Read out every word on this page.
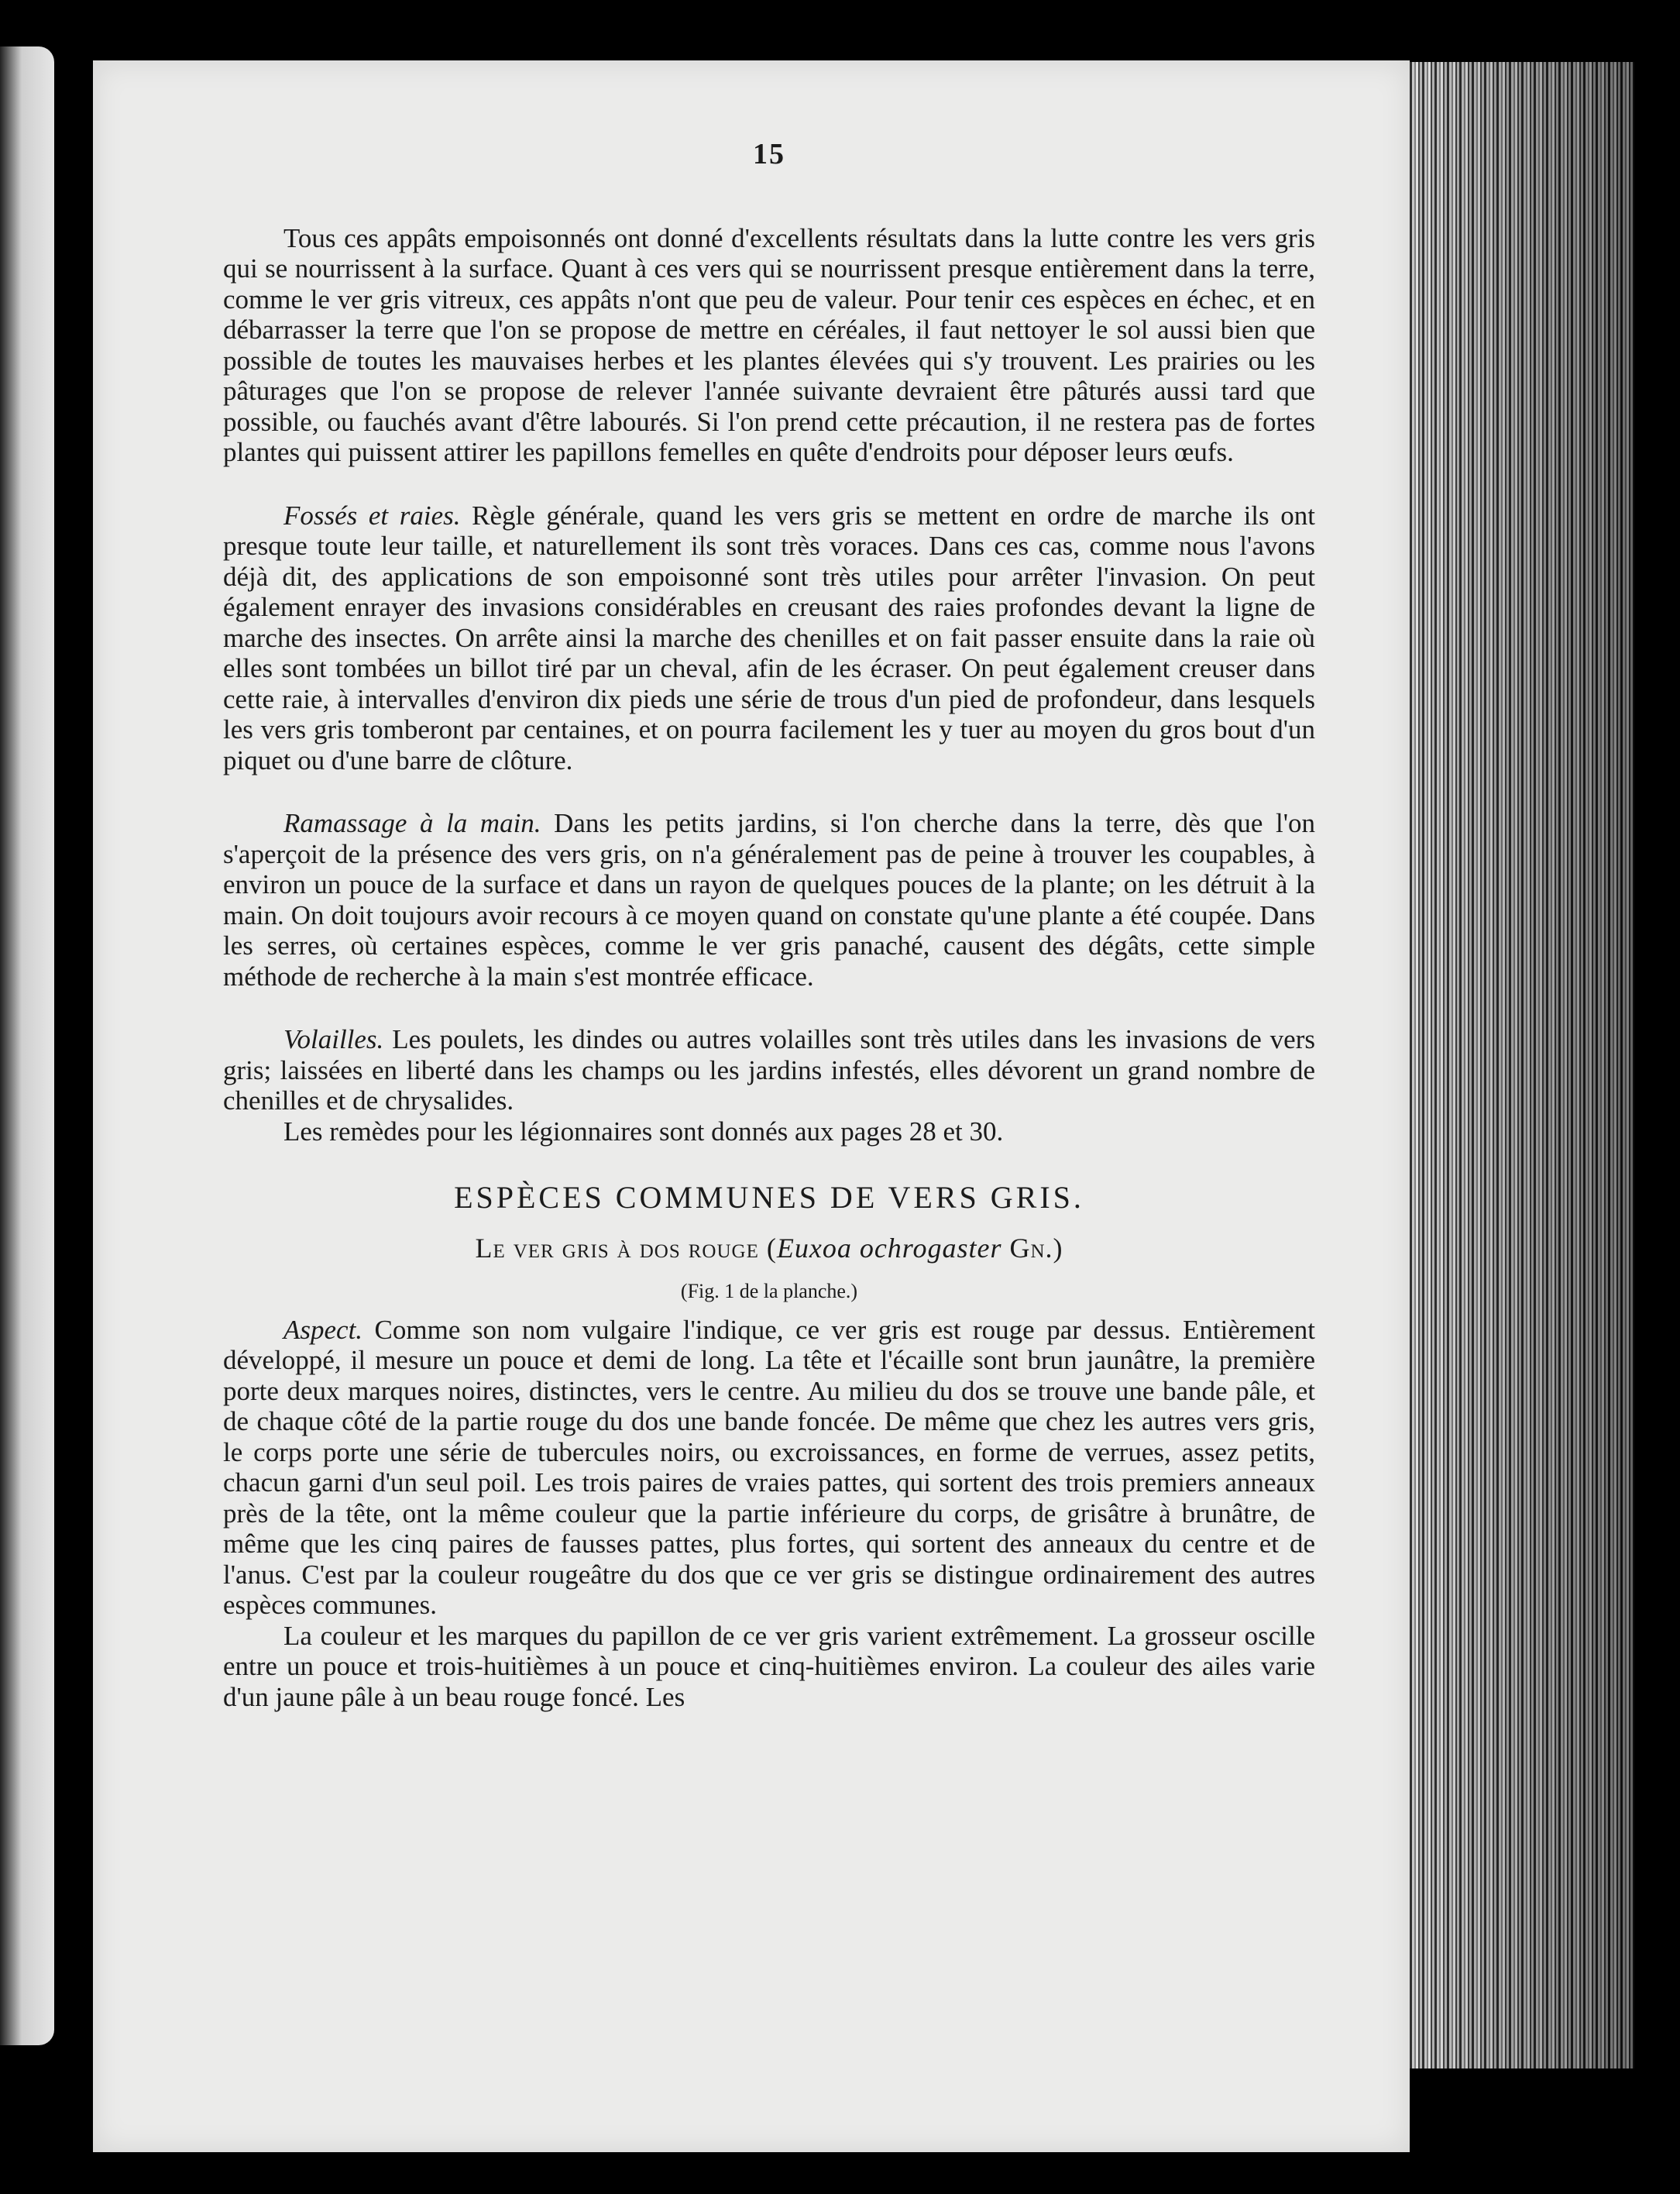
15

Tous ces appâts empoisonnés ont donné d'excellents résultats dans la lutte contre les vers gris qui se nourrissent à la surface. Quant à ces vers qui se nourrissent presque entièrement dans la terre, comme le ver gris vitreux, ces appâts n'ont que peu de valeur. Pour tenir ces espèces en échec, et en débarrasser la terre que l'on se propose de mettre en céréales, il faut nettoyer le sol aussi bien que possible de toutes les mauvaises herbes et les plantes élevées qui s'y trouvent. Les prairies ou les pâturages que l'on se propose de relever l'année suivante devraient être pâturés aussi tard que possible, ou fauchés avant d'être labourés. Si l'on prend cette précaution, il ne restera pas de fortes plantes qui puissent attirer les papillons femelles en quête d'endroits pour déposer leurs œufs.

Fossés et raies. Règle générale, quand les vers gris se mettent en ordre de marche ils ont presque toute leur taille, et naturellement ils sont très voraces. Dans ces cas, comme nous l'avons déjà dit, des applications de son empoisonné sont très utiles pour arrêter l'invasion. On peut également enrayer des invasions considérables en creusant des raies profondes devant la ligne de marche des insectes. On arrête ainsi la marche des chenilles et on fait passer ensuite dans la raie où elles sont tombées un billot tiré par un cheval, afin de les écraser. On peut également creuser dans cette raie, à intervalles d'environ dix pieds une série de trous d'un pied de profondeur, dans lesquels les vers gris tomberont par centaines, et on pourra facilement les y tuer au moyen du gros bout d'un piquet ou d'une barre de clôture.

Ramassage à la main. Dans les petits jardins, si l'on cherche dans la terre, dès que l'on s'aperçoit de la présence des vers gris, on n'a généralement pas de peine à trouver les coupables, à environ un pouce de la surface et dans un rayon de quelques pouces de la plante; on les détruit à la main. On doit toujours avoir recours à ce moyen quand on constate qu'une plante a été coupée. Dans les serres, où certaines espèces, comme le ver gris panaché, causent des dégâts, cette simple méthode de recherche à la main s'est montrée efficace.

Volailles. Les poulets, les dindes ou autres volailles sont très utiles dans les invasions de vers gris; laissées en liberté dans les champs ou les jardins infestés, elles dévorent un grand nombre de chenilles et de chrysalides.

Les remèdes pour les légionnaires sont donnés aux pages 28 et 30.

ESPÈCES COMMUNES DE VERS GRIS.
Le ver gris à dos rouge (Euxoa ochrogaster Gn.)
(Fig. 1 de la planche.)

Aspect. Comme son nom vulgaire l'indique, ce ver gris est rouge par dessus. Entièrement développé, il mesure un pouce et demi de long. La tête et l'écaille sont brun jaunâtre, la première porte deux marques noires, distinctes, vers le centre. Au milieu du dos se trouve une bande pâle, et de chaque côté de la partie rouge du dos une bande foncée. De même que chez les autres vers gris, le corps porte une série de tubercules noirs, ou excroissances, en forme de verrues, assez petits, chacun garni d'un seul poil. Les trois paires de vraies pattes, qui sortent des trois premiers anneaux près de la tête, ont la même couleur que la partie inférieure du corps, de grisâtre à brunâtre, de même que les cinq paires de fausses pattes, plus fortes, qui sortent des anneaux du centre et de l'anus. C'est par la couleur rougeâtre du dos que ce ver gris se distingue ordinairement des autres espèces communes.

La couleur et les marques du papillon de ce ver gris varient extrêmement. La grosseur oscille entre un pouce et trois-huitièmes à un pouce et cinq-huitièmes environ. La couleur des ailes varie d'un jaune pâle à un beau rouge foncé. Les
